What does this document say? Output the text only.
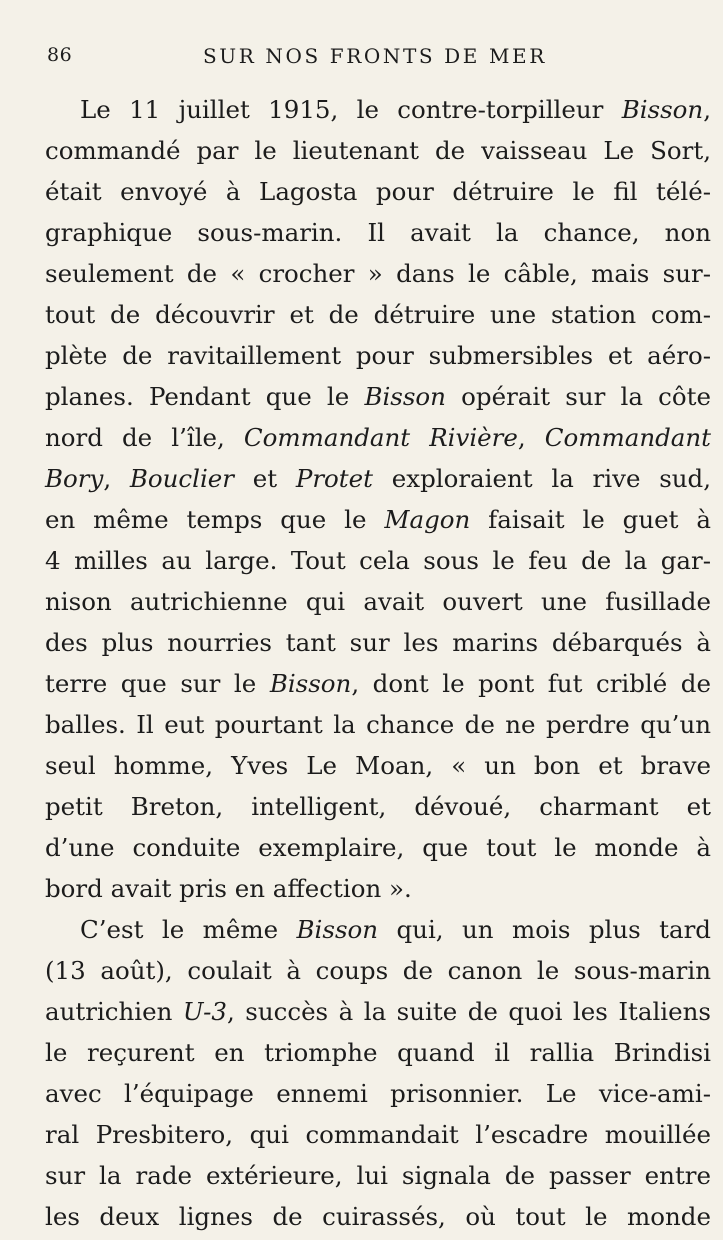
86	SUR NOS FRONTS DE MER
Le 11 juillet 1915, le contre-torpilleur Bisson,
commandé par le lieutenant de vaisseau Le Sort,
était envoyé à Lagosta pour détruire le fil télé-
graphique sous-marin. Il avait la chance, non
seulement de « crocher » dans le câble, mais sur-
tout de découvrir et de détruire une station com-
plète de ravitaillement pour submersibles et aéro-
planes. Pendant que le Bisson opérait sur la côte
nord de l’île, Commandant Rivière, Commandant
Bory, Bouclier et Protet exploraient la rive sud,
en même temps que le Magon faisait le guet à
4 milles au large. Tout cela sous le feu de la gar-
nison autrichienne qui avait ouvert une fusillade
des plus nourries tant sur les marins débarqués à
terre que sur le Bisson, dont le pont fut criblé de
balles. Il eut pourtant la chance de ne perdre qu’un
seul homme, Yves Le Moan, « un bon et brave
petit Breton, intelligent, dévoué, charmant et
d’une conduite exemplaire, que tout le monde à
bord avait pris en affection ».
C’est le même Bisson qui, un mois plus tard
(13 août), coulait à coups de canon le sous-marin
autrichien U-3, succès à la suite de quoi les Italiens
le reçurent en triomphe quand il rallia Brindisi
avec l’équipage ennemi prisonnier. Le vice-ami-
ral Presbitero, qui commandait l’escadre mouillée
sur la rade extérieure, lui signala de passer entre
les deux lignes de cuirassés, où tout le monde
